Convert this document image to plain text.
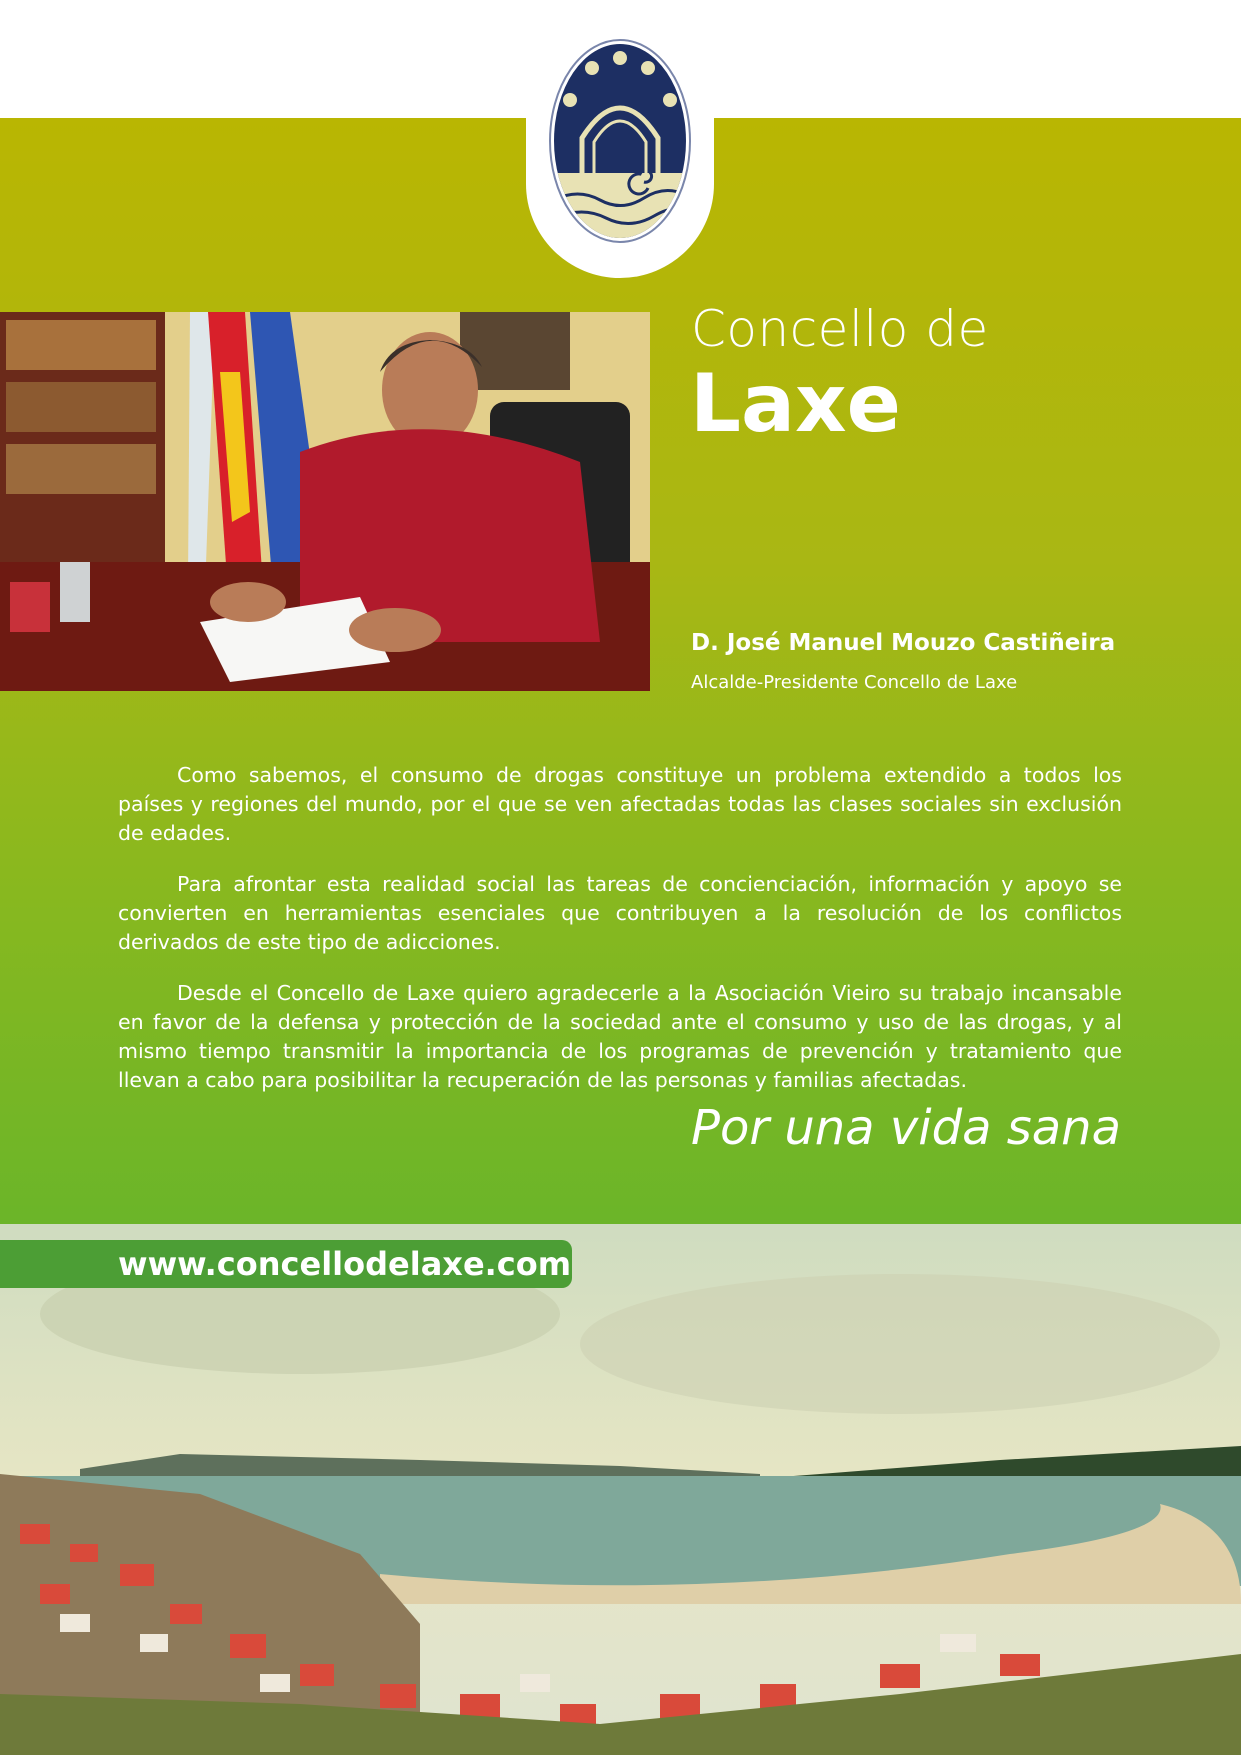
Concello de
Laxe
D. José Manuel Mouzo Castiñeira
Alcalde-Presidente Concello de Laxe

Como sabemos, el consumo de drogas constituye un problema extendido a todos los países y regiones del mundo, por el que se ven afectadas todas las clases sociales sin exclusión de edades.

Para afrontar esta realidad social las tareas de concienciación, información y apoyo se convierten en herramientas esenciales que contribuyen a la resolución de los conflictos derivados de este tipo de adicciones.

Desde el Concello de Laxe quiero agradecerle a la Asociación Vieiro su trabajo incansable en favor de la defensa y protección de la sociedad ante el consumo y uso de las drogas, y al mismo tiempo transmitir la importancia de los programas de prevención y tratamiento que llevan a cabo para posibilitar la recuperación de las personas y familias afectadas.

Por una vida sana
www.concellodelaxe.com
